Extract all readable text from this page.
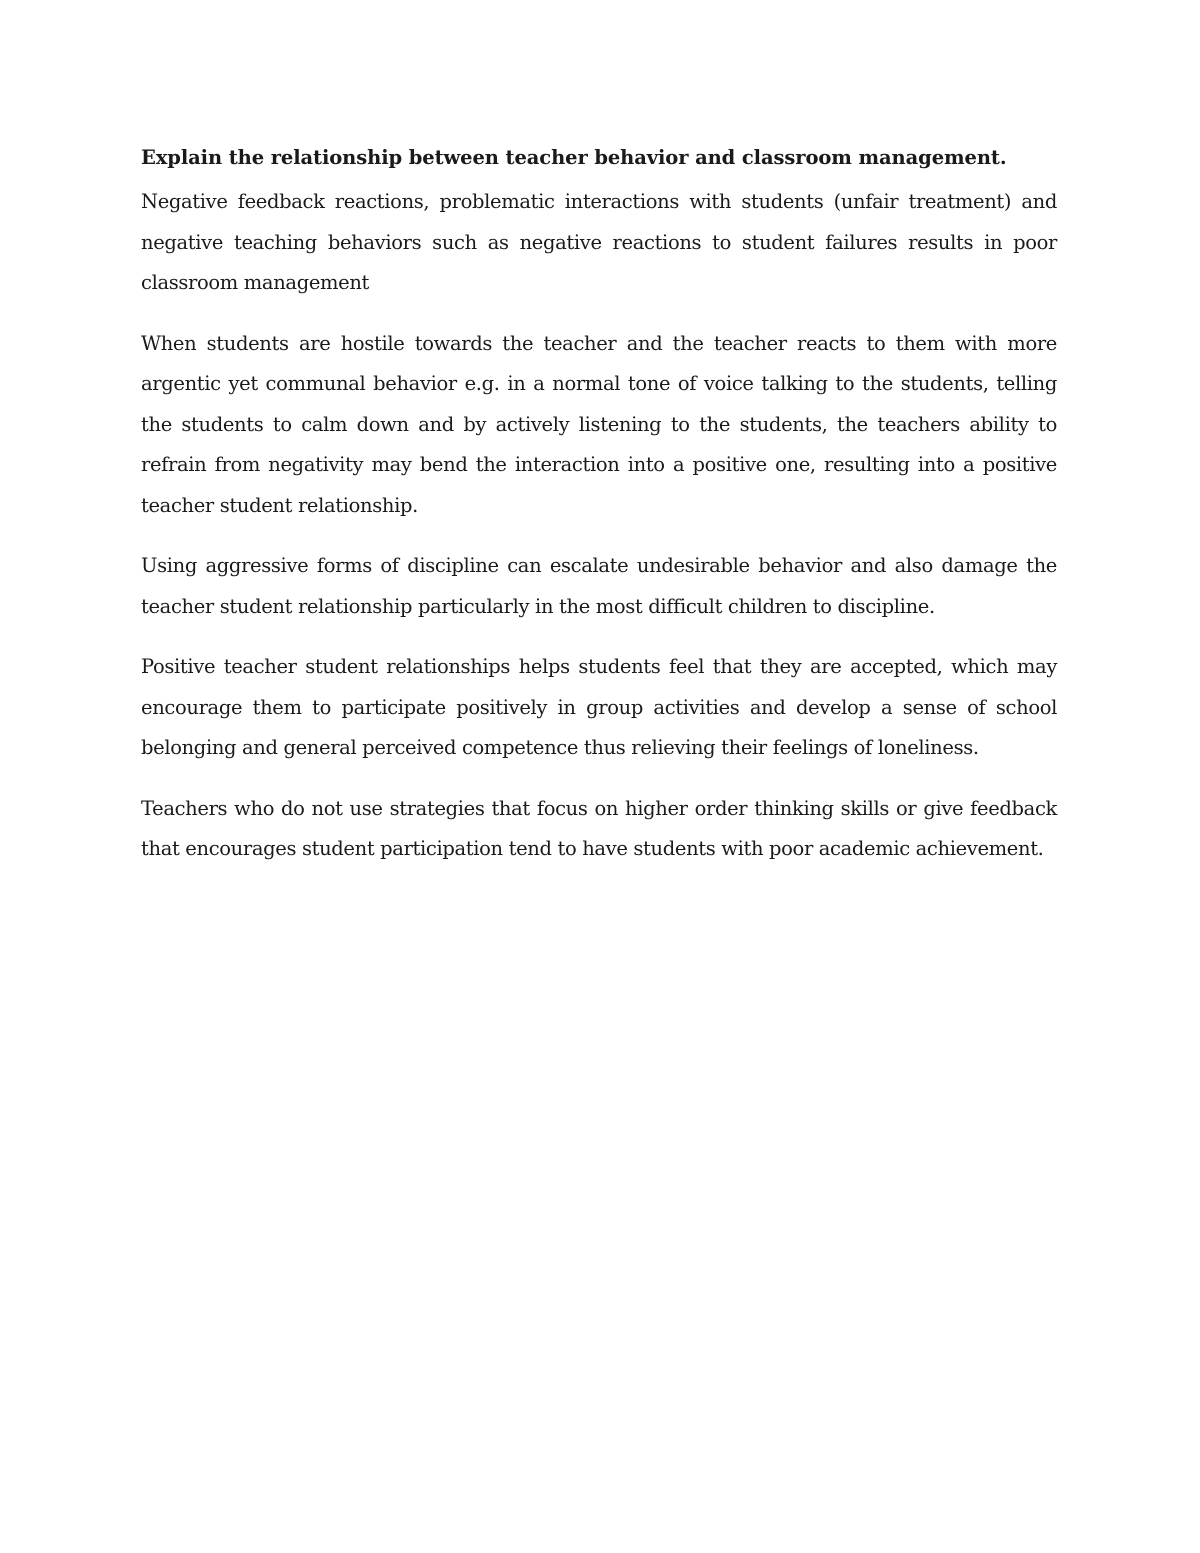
Explain the relationship between teacher behavior and classroom management.

Negative feedback reactions, problematic interactions with students (unfair treatment) and negative teaching behaviors such as negative reactions to student failures results in poor classroom management

When students are hostile towards the teacher and the teacher reacts to them with more argentic yet communal behavior e.g. in a normal tone of voice talking to the students, telling the students to calm down and by actively listening to the students, the teachers ability to refrain from negativity may bend the interaction into a positive one, resulting into a positive teacher student relationship.

Using aggressive forms of discipline can escalate undesirable behavior and also damage the teacher student relationship particularly in the most difficult children to discipline.

Positive teacher student relationships helps students feel that they are accepted, which may encourage them to participate positively in group activities and develop a sense of school belonging and general perceived competence thus relieving their feelings of loneliness.

Teachers who do not use strategies that focus on higher order thinking skills or give feedback that encourages student participation tend to have students with poor academic achievement.
